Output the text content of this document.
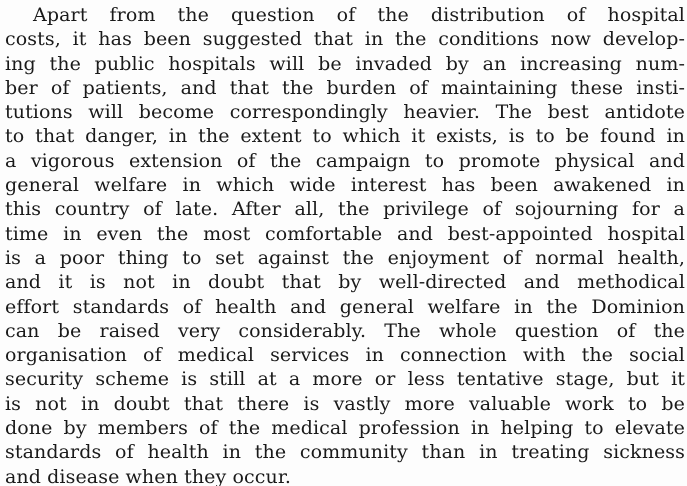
Apart from the question of the distribution of hospital
costs, it has been suggested that in the conditions now develop-
ing the public hospitals will be invaded by an increasing num-
ber of patients, and that the burden of maintaining these insti-
tutions will become correspondingly heavier. The best antidote
to that danger, in the extent to which it exists, is to be found in
a vigorous extension of the campaign to promote physical and
general welfare in which wide interest has been awakened in
this country of late. After all, the privilege of sojourning for a
time in even the most comfortable and best-appointed hospital
is a poor thing to set against the enjoyment of normal health,
and it is not in doubt that by well-directed and methodical
effort standards of health and general welfare in the Dominion
can be raised very considerably. The whole question of the
organisation of medical services in connection with the social
security scheme is still at a more or less tentative stage, but it
is not in doubt that there is vastly more valuable work to be
done by members of the medical profession in helping to elevate
standards of health in the community than in treating sickness
and disease when they occur.
